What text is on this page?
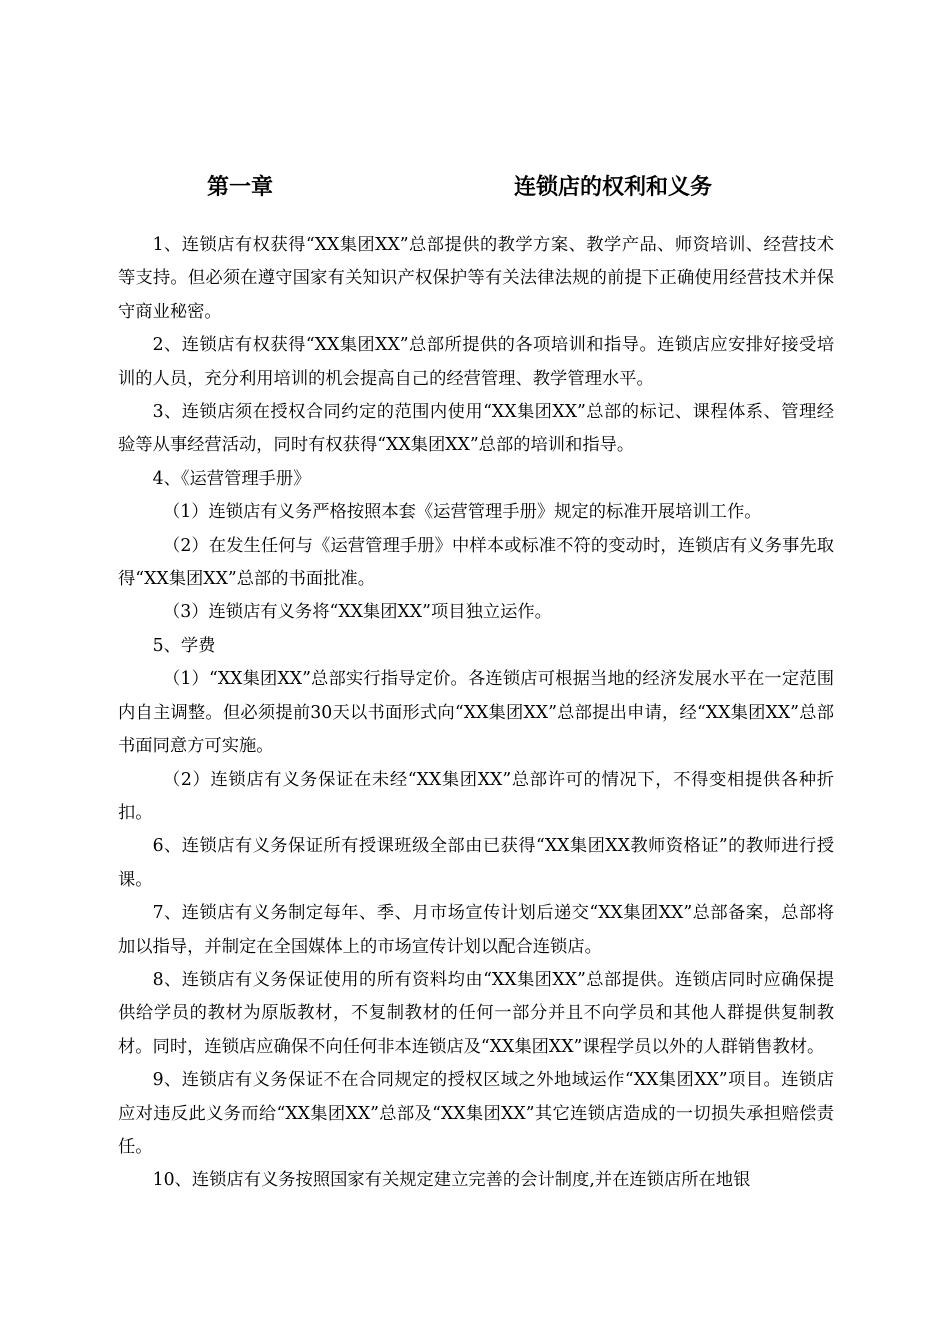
第一章	连锁店的权利和义务

1、连锁店有权获得“XX集团XX”总部提供的教学方案、教学产品、师资培训、经营技术等支持。但必须在遵守国家有关知识产权保护等有关法律法规的前提下正确使用经营技术并保守商业秘密。

2、连锁店有权获得“XX集团XX”总部所提供的各项培训和指导。连锁店应安排好接受培训的人员，充分利用培训的机会提高自己的经营管理、教学管理水平。

3、连锁店须在授权合同约定的范围内使用“XX集团XX”总部的标记、课程体系、管理经验等从事经营活动，同时有权获得“XX集团XX”总部的培训和指导。

4、《运营管理手册》

（1）连锁店有义务严格按照本套《运营管理手册》规定的标准开展培训工作。

（2）在发生任何与《运营管理手册》中样本或标准不符的变动时，连锁店有义务事先取得“XX集团XX”总部的书面批准。

（3）连锁店有义务将“XX集团XX”项目独立运作。

5、学费

（1）“XX集团XX”总部实行指导定价。各连锁店可根据当地的经济发展水平在一定范围内自主调整。但必须提前30天以书面形式向“XX集团XX”总部提出申请，经“XX集团XX”总部书面同意方可实施。

（2）连锁店有义务保证在未经“XX集团XX”总部许可的情况下，不得变相提供各种折扣。

6、连锁店有义务保证所有授课班级全部由已获得“XX集团XX教师资格证”的教师进行授课。

7、连锁店有义务制定每年、季、月市场宣传计划后递交“XX集团XX”总部备案，总部将加以指导，并制定在全国媒体上的市场宣传计划以配合连锁店。

8、连锁店有义务保证使用的所有资料均由“XX集团XX”总部提供。连锁店同时应确保提供给学员的教材为原版教材，不复制教材的任何一部分并且不向学员和其他人群提供复制教材。同时，连锁店应确保不向任何非本连锁店及“XX集团XX”课程学员以外的人群销售教材。

9、连锁店有义务保证不在合同规定的授权区域之外地域运作“XX集团XX”项目。连锁店应对违反此义务而给“XX集团XX”总部及“XX集团XX”其它连锁店造成的一切损失承担赔偿责任。

10、连锁店有义务按照国家有关规定建立完善的会计制度,并在连锁店所在地银
